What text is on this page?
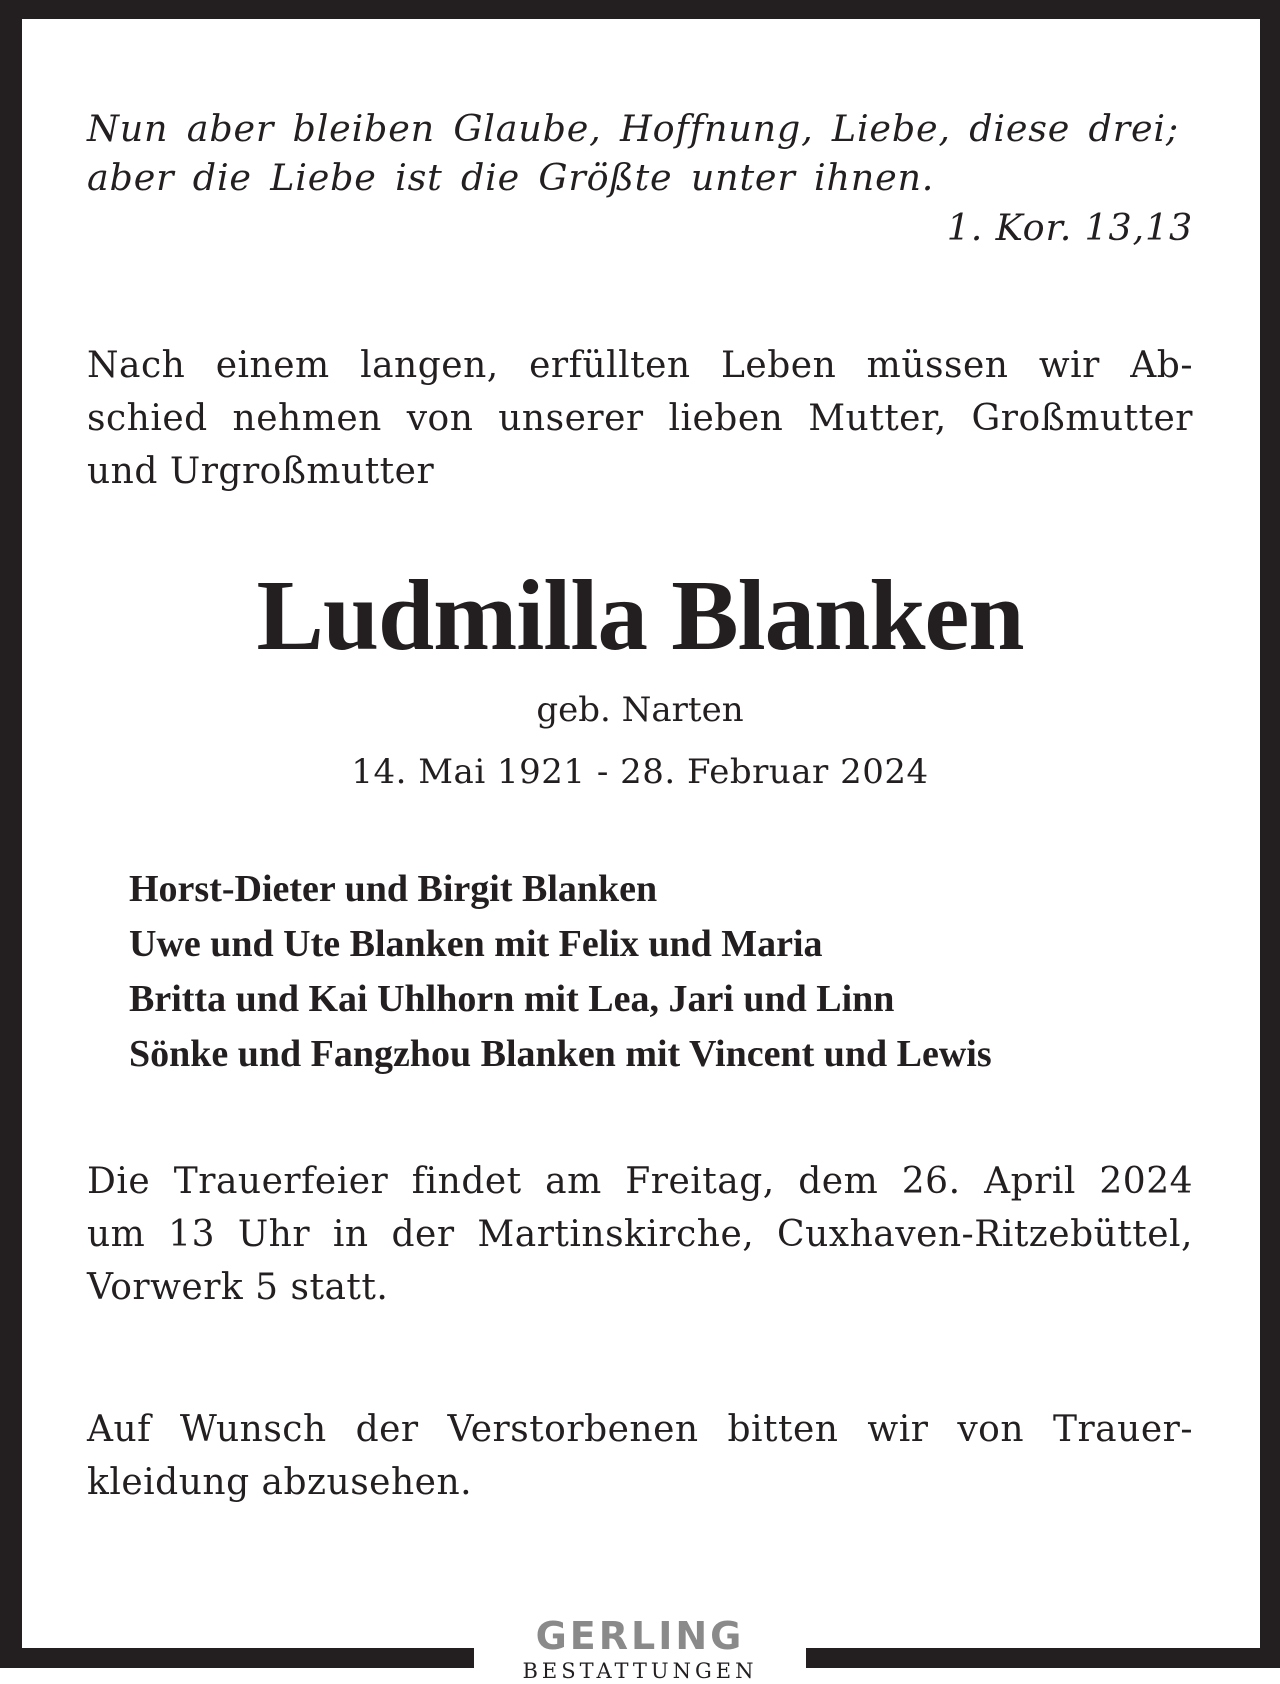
Nun aber bleiben Glaube, Hoffnung, Liebe, diese drei;
aber die Liebe ist die Größte unter ihnen.
1. Kor. 13,13
Nach einem langen, erfüllten Leben müssen wir Ab-
schied nehmen von unserer lieben Mutter, Großmutter
und Urgroßmutter
Ludmilla Blanken
geb. Narten
14. Mai 1921 - 28. Februar 2024
Horst-Dieter und Birgit Blanken
Uwe und Ute Blanken mit Felix und Maria
Britta und Kai Uhlhorn mit Lea, Jari und Linn
Sönke und Fangzhou Blanken mit Vincent und Lewis
Die Trauerfeier findet am Freitag, dem 26. April 2024
um 13 Uhr in der Martinskirche, Cuxhaven-Ritzebüttel,
Vorwerk 5 statt.
Auf Wunsch der Verstorbenen bitten wir von Trauer-
kleidung abzusehen.
GERLING
BESTATTUNGEN
